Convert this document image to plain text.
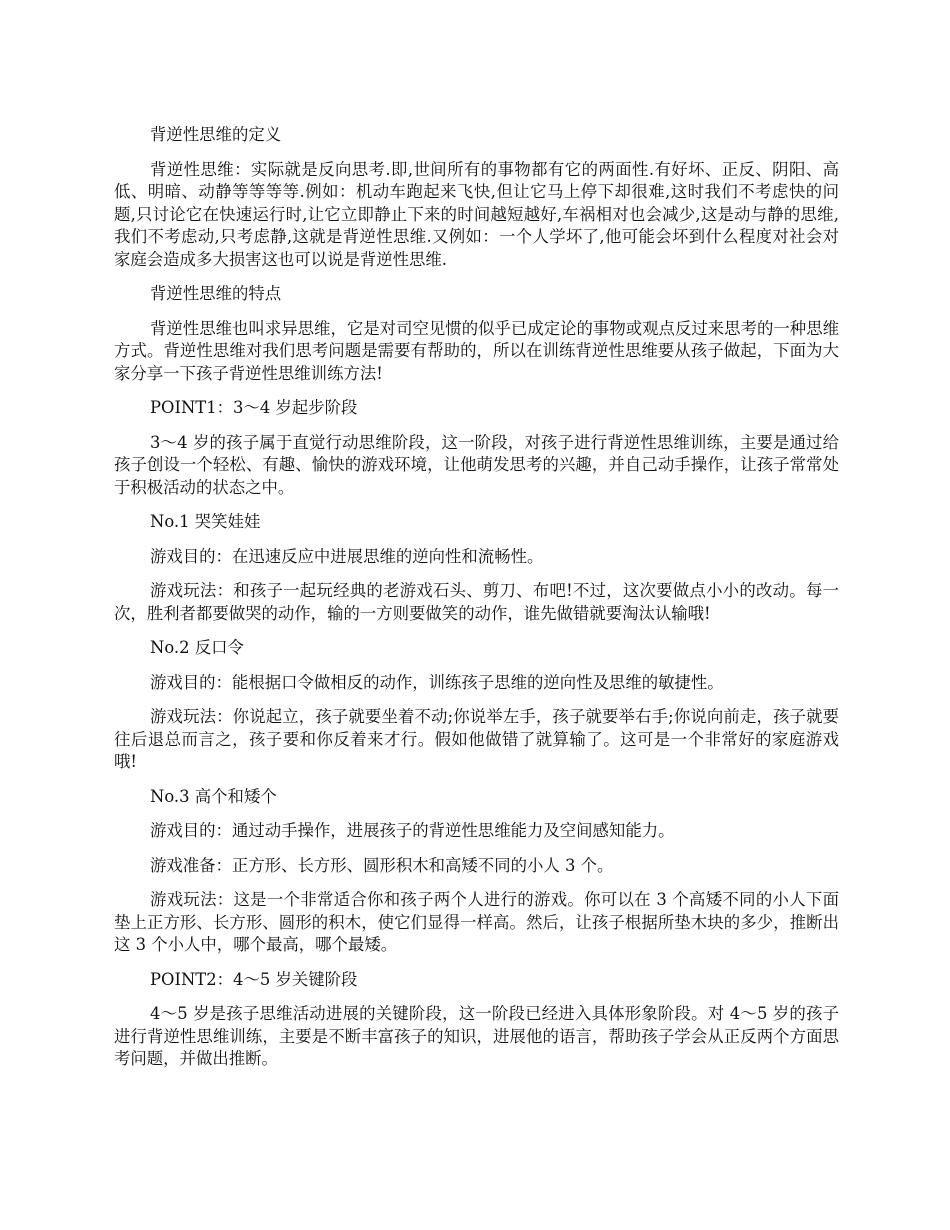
背逆性思维的定义

背逆性思维：实际就是反向思考.即,世间所有的事物都有它的两面性.有好坏、正反、阴阳、高低、明暗、动静等等等等.例如：机动车跑起来飞快,但让它马上停下却很难,这时我们不考虑快的问题,只讨论它在快速运行时,让它立即静止下来的时间越短越好,车祸相对也会减少,这是动与静的思维,我们不考虑动,只考虑静,这就是背逆性思维.又例如：一个人学坏了,他可能会坏到什么程度对社会对家庭会造成多大损害这也可以说是背逆性思维.

背逆性思维的特点

背逆性思维也叫求异思维，它是对司空见惯的似乎已成定论的事物或观点反过来思考的一种思维方式。背逆性思维对我们思考问题是需要有帮助的，所以在训练背逆性思维要从孩子做起，下面为大家分享一下孩子背逆性思维训练方法!

POINT1：3～4 岁起步阶段

3～4 岁的孩子属于直觉行动思维阶段，这一阶段，对孩子进行背逆性思维训练，主要是通过给孩子创设一个轻松、有趣、愉快的游戏环境，让他萌发思考的兴趣，并自己动手操作，让孩子常常处于积极活动的状态之中。

No.1 哭笑娃娃

游戏目的：在迅速反应中进展思维的逆向性和流畅性。

游戏玩法：和孩子一起玩经典的老游戏石头、剪刀、布吧!不过，这次要做点小小的改动。每一次，胜利者都要做哭的动作，输的一方则要做笑的动作，谁先做错就要淘汰认输哦!

No.2 反口令

游戏目的：能根据口令做相反的动作，训练孩子思维的逆向性及思维的敏捷性。

游戏玩法：你说起立，孩子就要坐着不动;你说举左手，孩子就要举右手;你说向前走，孩子就要往后退总而言之，孩子要和你反着来才行。假如他做错了就算输了。这可是一个非常好的家庭游戏哦!

No.3 高个和矮个

游戏目的：通过动手操作，进展孩子的背逆性思维能力及空间感知能力。

游戏准备：正方形、长方形、圆形积木和高矮不同的小人 3 个。

游戏玩法：这是一个非常适合你和孩子两个人进行的游戏。你可以在 3 个高矮不同的小人下面垫上正方形、长方形、圆形的积木，使它们显得一样高。然后，让孩子根据所垫木块的多少，推断出这 3 个小人中，哪个最高，哪个最矮。

POINT2：4～5 岁关键阶段

4～5 岁是孩子思维活动进展的关键阶段，这一阶段已经进入具体形象阶段。对 4～5 岁的孩子进行背逆性思维训练，主要是不断丰富孩子的知识，进展他的语言，帮助孩子学会从正反两个方面思考问题，并做出推断。
